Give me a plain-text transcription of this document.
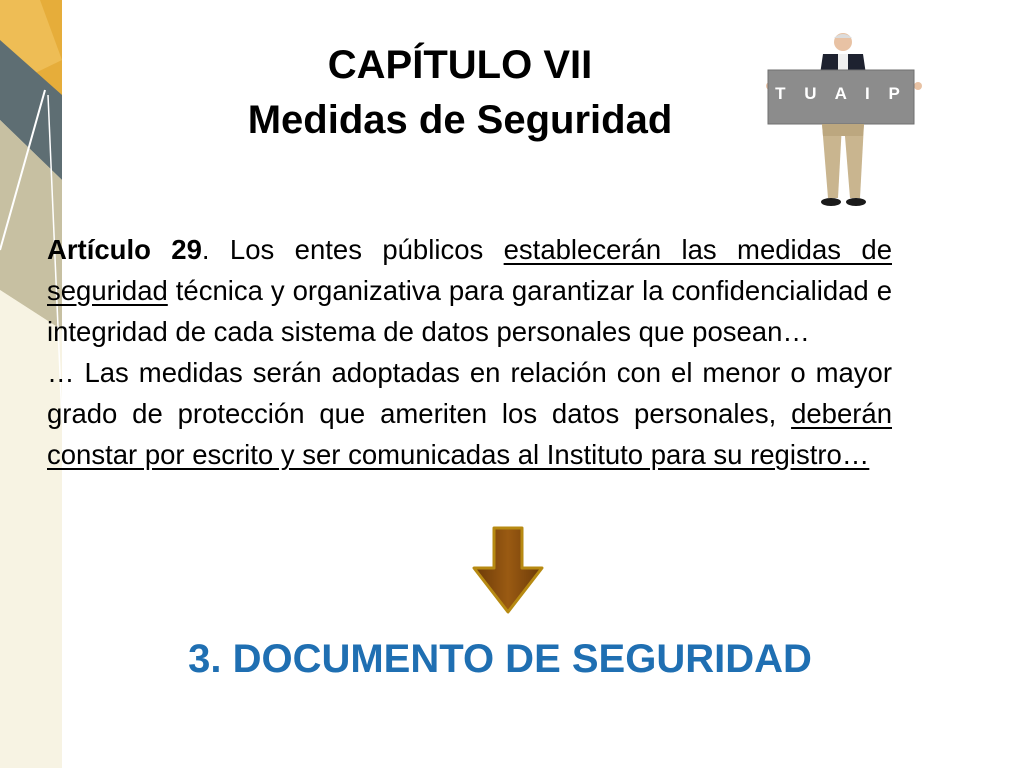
CAPÍTULO VII
Medidas de Seguridad
T U A I P

Artículo 29. Los entes públicos establecerán las medidas de seguridad técnica y organizativa para garantizar la confidencialidad e integridad de cada sistema de datos personales que posean…

… Las medidas serán adoptadas en relación con el menor o mayor grado de protección que ameriten los datos personales, deberán constar por escrito y ser comunicadas al Instituto para su registro…

3. DOCUMENTO DE SEGURIDAD
